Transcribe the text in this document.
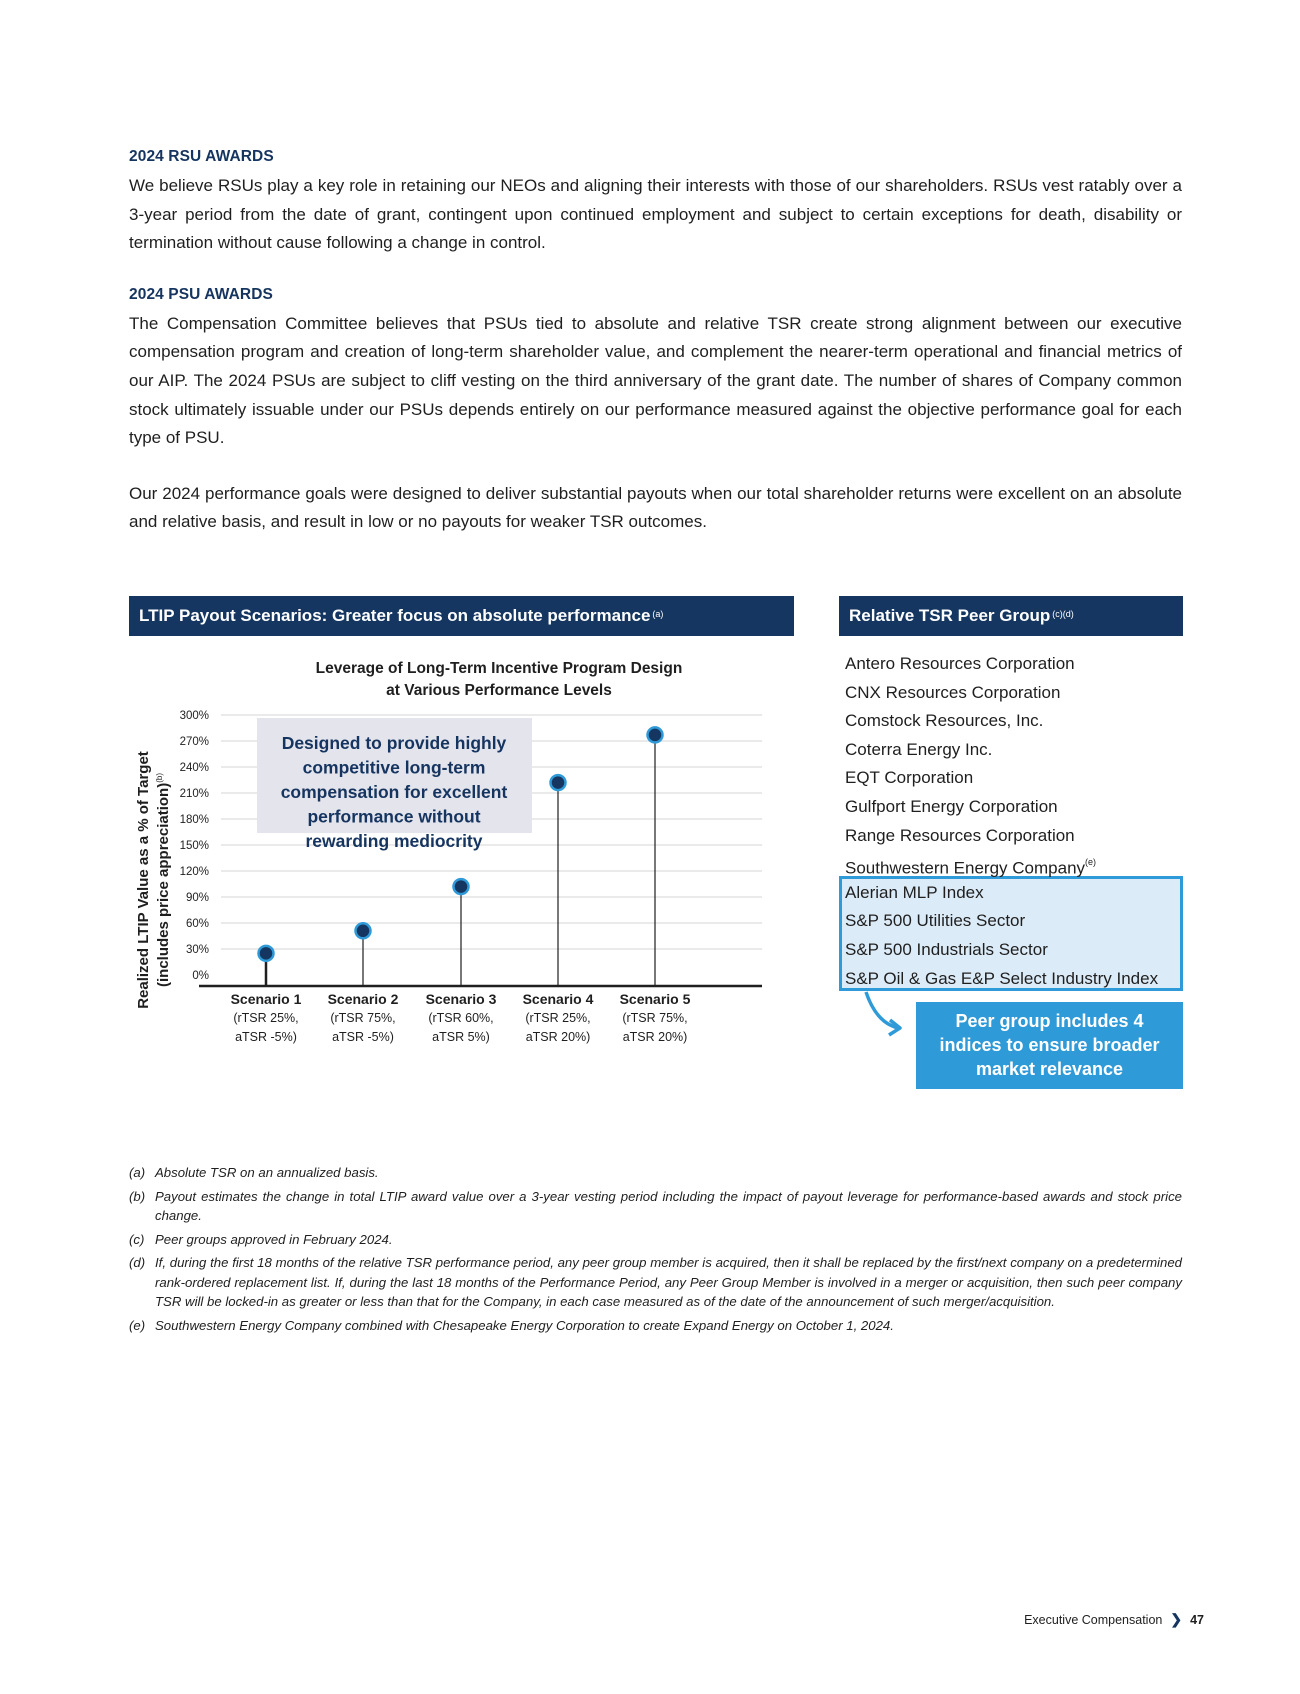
2024 RSU AWARDS

We believe RSUs play a key role in retaining our NEOs and aligning their interests with those of our shareholders. RSUs vest ratably over a 3-year period from the date of grant, contingent upon continued employment and subject to certain exceptions for death, disability or termination without cause following a change in control.

2024 PSU AWARDS

The Compensation Committee believes that PSUs tied to absolute and relative TSR create strong alignment between our executive compensation program and creation of long-term shareholder value, and complement the nearer-term operational and financial metrics of our AIP. The 2024 PSUs are subject to cliff vesting on the third anniversary of the grant date. The number of shares of Company common stock ultimately issuable under our PSUs depends entirely on our performance measured against the objective performance goal for each type of PSU.

Our 2024 performance goals were designed to deliver substantial payouts when our total shareholder returns were excellent on an absolute and relative basis, and result in low or no payouts for weaker TSR outcomes.

LTIP Payout Scenarios: Greater focus on absolute performance$^{(a)}$	Relative TSR Peer Group$^{(c)(d)}$
Leverage of Long-Term Incentive Program Design
at Various Performance Levels
Realized LTIP Value as a % of Target (includes price appreciation)$^{(b)}$
0%
30%
60%
90%
120%
150%
180%
210%
240%
270%
300%
Designed to provide highly
competitive long-term
compensation for excellent
performance without
rewarding mediocrity
Scenario 1
(rTSR 25%,
aTSR -5%)
Scenario 2
(rTSR 75%,
aTSR -5%)
Scenario 3
(rTSR 60%,
aTSR 5%)
Scenario 4
(rTSR 25%,
aTSR 20%)
Scenario 5
(rTSR 75%,
aTSR 20%)
Antero Resources Corporation
CNX Resources Corporation
Comstock Resources, Inc.
Coterra Energy Inc.
EQT Corporation
Gulfport Energy Corporation
Range Resources Corporation
Southwestern Energy Company$^{(e)}$
Alerian MLP Index
S&P 500 Utilities Sector
S&P 500 Industrials Sector
S&P Oil & Gas E&P Select Industry Index
Peer group includes 4
indices to ensure broader
market relevance
(a) Absolute TSR on an annualized basis.
(b) Payout estimates the change in total LTIP award value over a 3-year vesting period including the impact of payout leverage for performance-based awards and stock price change.
(c) Peer groups approved in February 2024.
(d) If, during the first 18 months of the relative TSR performance period, any peer group member is acquired, then it shall be replaced by the first/next company on a predetermined rank-ordered replacement list. If, during the last 18 months of the Performance Period, any Peer Group Member is involved in a merger or acquisition, then such peer company TSR will be locked-in as greater or less than that for the Company, in each case measured as of the date of the announcement of such merger/acquisition.
(e) Southwestern Energy Company combined with Chesapeake Energy Corporation to create Expand Energy on October 1, 2024.
Executive Compensation ❯ 47
